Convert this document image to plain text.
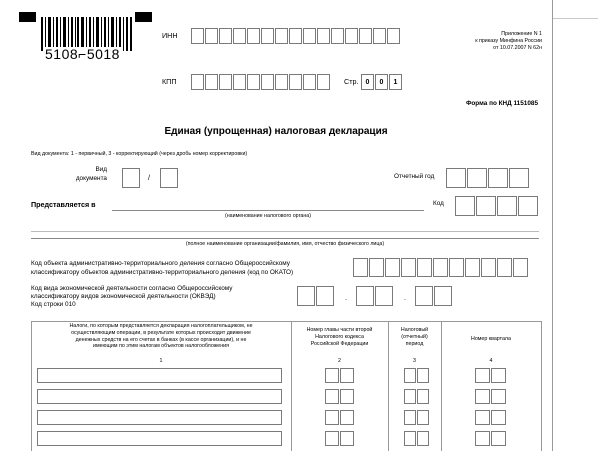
5108⌐5018
ИНН	Приложение N 1
к приказу Минфина России
от 10.07.2007 N 62н
КПП	Стр.	0	0	1
Форма по КНД 1151085
Единая (упрощенная) налоговая декларация
Вид документа: 1 - первичный, 3 - корректирующий (через дробь номер корректировки)
Вид
документа	/	Отчетный год
Представляется в
(наименование налогового органа)
Код
(полное наименование организации/фамилия, имя, отчество физического лица)
Код объекта административно-территориального деления согласно Общероссийскому
классификатору объектов административно-территориального деления (код по ОКАТО)
Код вида экономической деятельности согласно Общероссийскому
классификатору видов экономической деятельности (ОКВЭД)
Код строки 010
.	.
Налоги, по которым представляется декларация налогоплательщиком, не
осуществляющим операции, в результате которых происходит движение
денежных средств на его счетах в банках (в кассе организации), и не
имеющим по этим налогам объектов налогообложения
Номер главы части второй
Налогового кодекса
Российской Федерации
Налоговый
(отчетный)
период
Номер квартала
1	2	3	4
